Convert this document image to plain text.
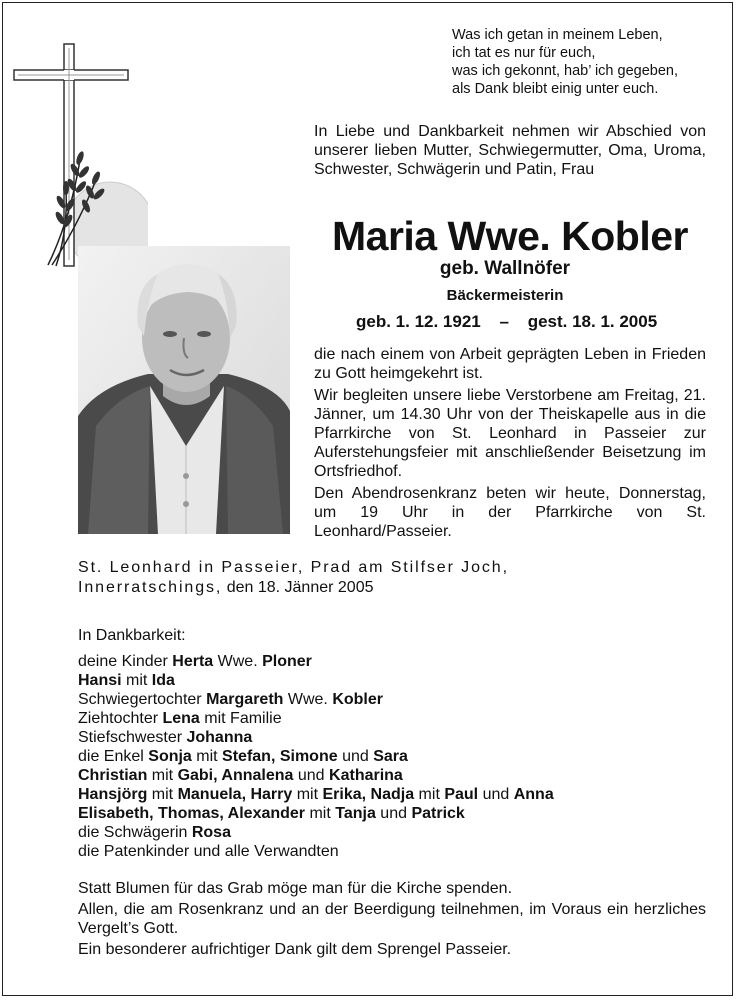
Was ich getan in meinem Leben,
ich tat es nur für euch,
was ich gekonnt, hab’ ich gegeben,
als Dank bleibt einig unter euch.
In Liebe und Dankbarkeit nehmen wir Abschied von unserer lieben Mutter, Schwiegermutter, Oma, Uroma, Schwester, Schwägerin und Patin, Frau
Maria Wwe. Kobler
geb. Wallnöfer
Bäckermeisterin
geb. 1. 12. 1921 – gest. 18. 1. 2005

die nach einem von Arbeit geprägten Leben in Frieden zu Gott heimgekehrt ist.

Wir begleiten unsere liebe Verstorbene am Freitag, 21. Jänner, um 14.30 Uhr von der Theiskapelle aus in die Pfarrkirche von St. Leonhard in Passeier zur Auferstehungsfeier mit anschließender Beisetzung im Ortsfriedhof.

Den Abendrosenkranz beten wir heute, Donnerstag, um 19 Uhr in der Pfarrkirche von St. Leonhard/Passeier.

St. Leonhard in Passeier, Prad am Stilfser Joch,
Innerratschings, den 18. Jänner 2005
In Dankbarkeit:
deine Kinder Herta Wwe. Ploner
Hansi mit Ida
Schwiegertochter Margareth Wwe. Kobler
Ziehtochter Lena mit Familie
Stiefschwester Johanna
die Enkel Sonja mit Stefan, Simone und Sara
Christian mit Gabi, Annalena und Katharina
Hansjörg mit Manuela, Harry mit Erika, Nadja mit Paul und Anna
Elisabeth, Thomas, Alexander mit Tanja und Patrick
die Schwägerin Rosa
die Patenkinder und alle Verwandten

Statt Blumen für das Grab möge man für die Kirche spenden.

Allen, die am Rosenkranz und an der Beerdigung teilnehmen, im Voraus ein herzliches Vergelt’s Gott.

Ein besonderer aufrichtiger Dank gilt dem Sprengel Passeier.
